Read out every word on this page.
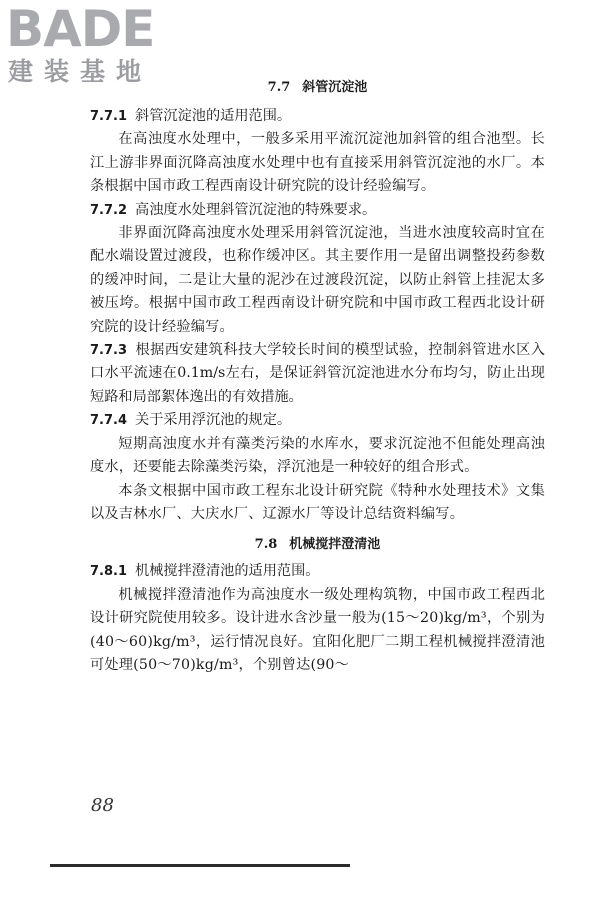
BADE
建装基地
7.7 斜管沉淀池

7.7.1 斜管沉淀池的适用范围。

在高浊度水处理中，一般多采用平流沉淀池加斜管的组合池型。长江上游非界面沉降高浊度水处理中也有直接采用斜管沉淀池的水厂。本条根据中国市政工程西南设计研究院的设计经验编写。

7.7.2 高浊度水处理斜管沉淀池的特殊要求。

非界面沉降高浊度水处理采用斜管沉淀池，当进水浊度较高时宜在配水端设置过渡段，也称作缓冲区。其主要作用一是留出调整投药参数的缓冲时间，二是让大量的泥沙在过渡段沉淀，以防止斜管上挂泥太多被压垮。根据中国市政工程西南设计研究院和中国市政工程西北设计研究院的设计经验编写。

7.7.3 根据西安建筑科技大学较长时间的模型试验，控制斜管进水区入口水平流速在0.1m/s左右，是保证斜管沉淀池进水分布均匀，防止出现短路和局部絮体逸出的有效措施。

7.7.4 关于采用浮沉池的规定。

短期高浊度水并有藻类污染的水库水，要求沉淀池不但能处理高浊度水，还要能去除藻类污染，浮沉池是一种较好的组合形式。

本条文根据中国市政工程东北设计研究院《特种水处理技术》文集以及吉林水厂、大庆水厂、辽源水厂等设计总结资料编写。

7.8 机械搅拌澄清池

7.8.1 机械搅拌澄清池的适用范围。

机械搅拌澄清池作为高浊度水一级处理构筑物，中国市政工程西北设计研究院使用较多。设计进水含沙量一般为(15～20)kg/m³，个别为(40～60)kg/m³，运行情况良好。宜阳化肥厂二期工程机械搅拌澄清池可处理(50～70)kg/m³，个别曾达(90～

88
